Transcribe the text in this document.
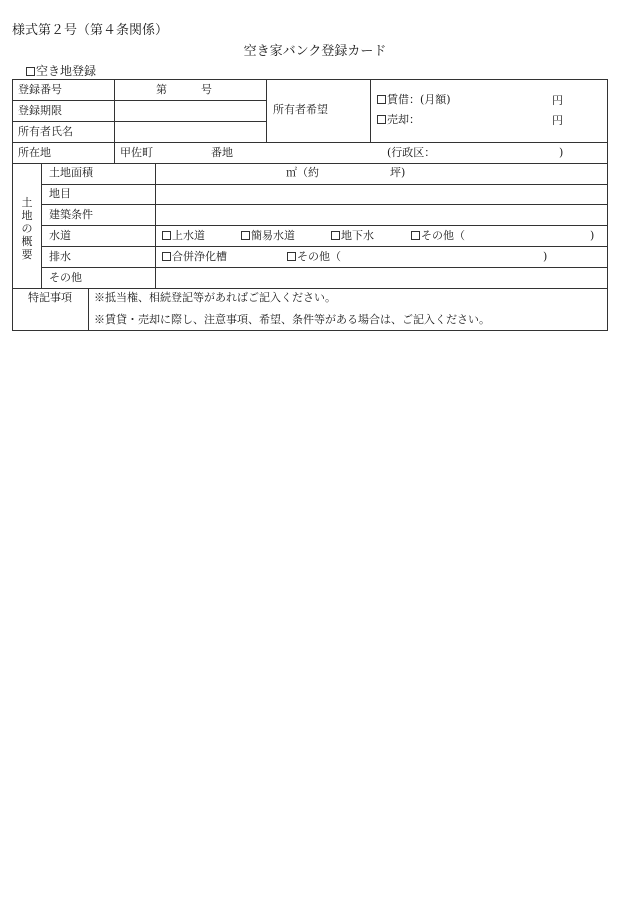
様式第２号（第４条関係）
空き家バンク登録カード
空き地登録
登録番号	第	号
登録期限
所有者氏名
所有者希望
賃借：(月額)	円
売却：	円
所在地	甲佐町	番地	(行政区：	)
土地の概要
土地面積	㎡（約	坪)
地目
建築条件
水道	上水道	簡易水道	地下水	その他（	)
排水	合併浄化槽	その他（	)
その他
特記事項 ※抵当権、相続登記等があればご記入ください。
※賃貸・売却に際し、注意事項、希望、条件等がある場合は、ご記入ください。
